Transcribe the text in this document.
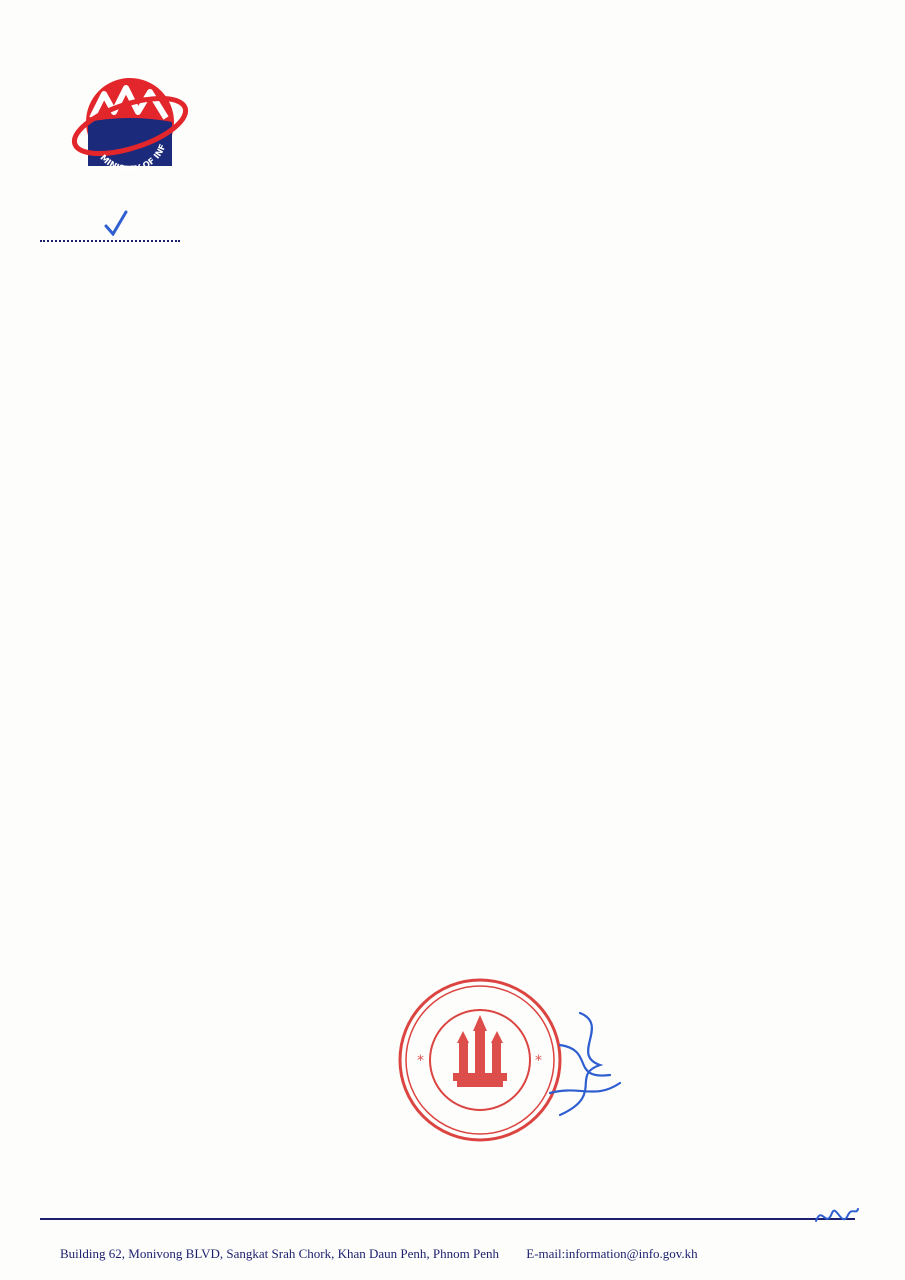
MINISTRY OF INF

*	*
Building 62, Monivong BLVD, Sangkat Srah Chork, Khan Daun Penh, Phnom Penh E-mail:information@info.gov.kh
